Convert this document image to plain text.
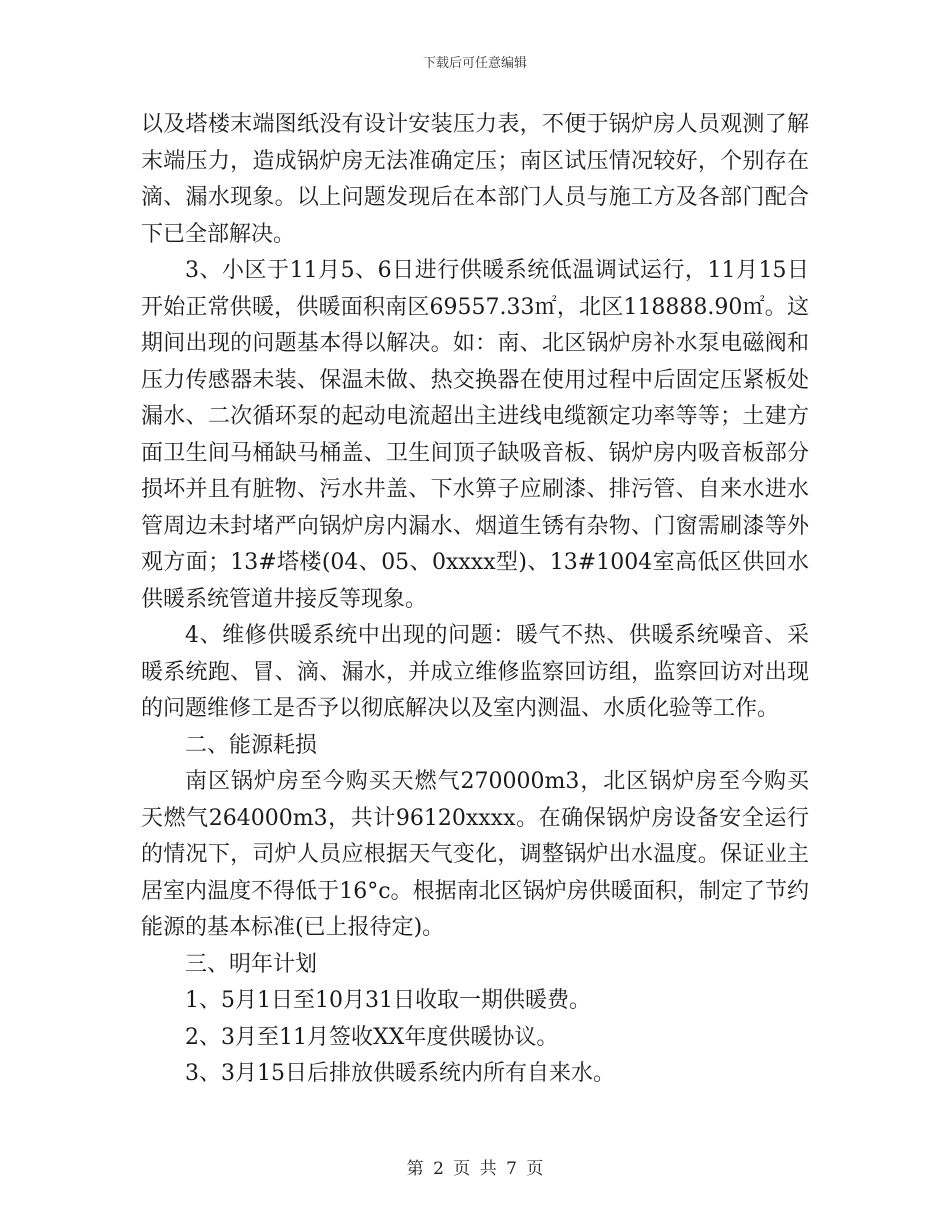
下载后可任意编辑

以及塔楼末端图纸没有设计安装压力表，不便于锅炉房人员观测了解末端压力，造成锅炉房无法准确定压；南区试压情况较好，个别存在滴、漏水现象。以上问题发现后在本部门人员与施工方及各部门配合下已全部解决。

3、小区于11月5、6日进行供暖系统低温调试运行，11月15日开始正常供暖，供暖面积南区69557.33㎡，北区118888.90㎡。这期间出现的问题基本得以解决。如：南、北区锅炉房补水泵电磁阀和压力传感器未装、保温未做、热交换器在使用过程中后固定压紧板处漏水、二次循环泵的起动电流超出主进线电缆额定功率等等；土建方面卫生间马桶缺马桶盖、卫生间顶子缺吸音板、锅炉房内吸音板部分损坏并且有脏物、污水井盖、下水箅子应刷漆、排污管、自来水进水管周边未封堵严向锅炉房内漏水、烟道生锈有杂物、门窗需刷漆等外观方面；13#塔楼(04、05、0xxxx型)、13#1004室高低区供回水供暖系统管道井接反等现象。

4、维修供暖系统中出现的问题：暖气不热、供暖系统噪音、采暖系统跑、冒、滴、漏水，并成立维修监察回访组，监察回访对出现的问题维修工是否予以彻底解决以及室内测温、水质化验等工作。

二、能源耗损

南区锅炉房至今购买天燃气270000m3，北区锅炉房至今购买天燃气264000m3，共计96120xxxx。在确保锅炉房设备安全运行的情况下，司炉人员应根据天气变化，调整锅炉出水温度。保证业主居室内温度不得低于16°c。根据南北区锅炉房供暖面积，制定了节约能源的基本标准(已上报待定)。

三、明年计划

1、5月1日至10月31日收取一期供暖费。

2、3月至11月签收XX年度供暖协议。

3、3月15日后排放供暖系统内所有自来水。

第 2 页 共 7 页
